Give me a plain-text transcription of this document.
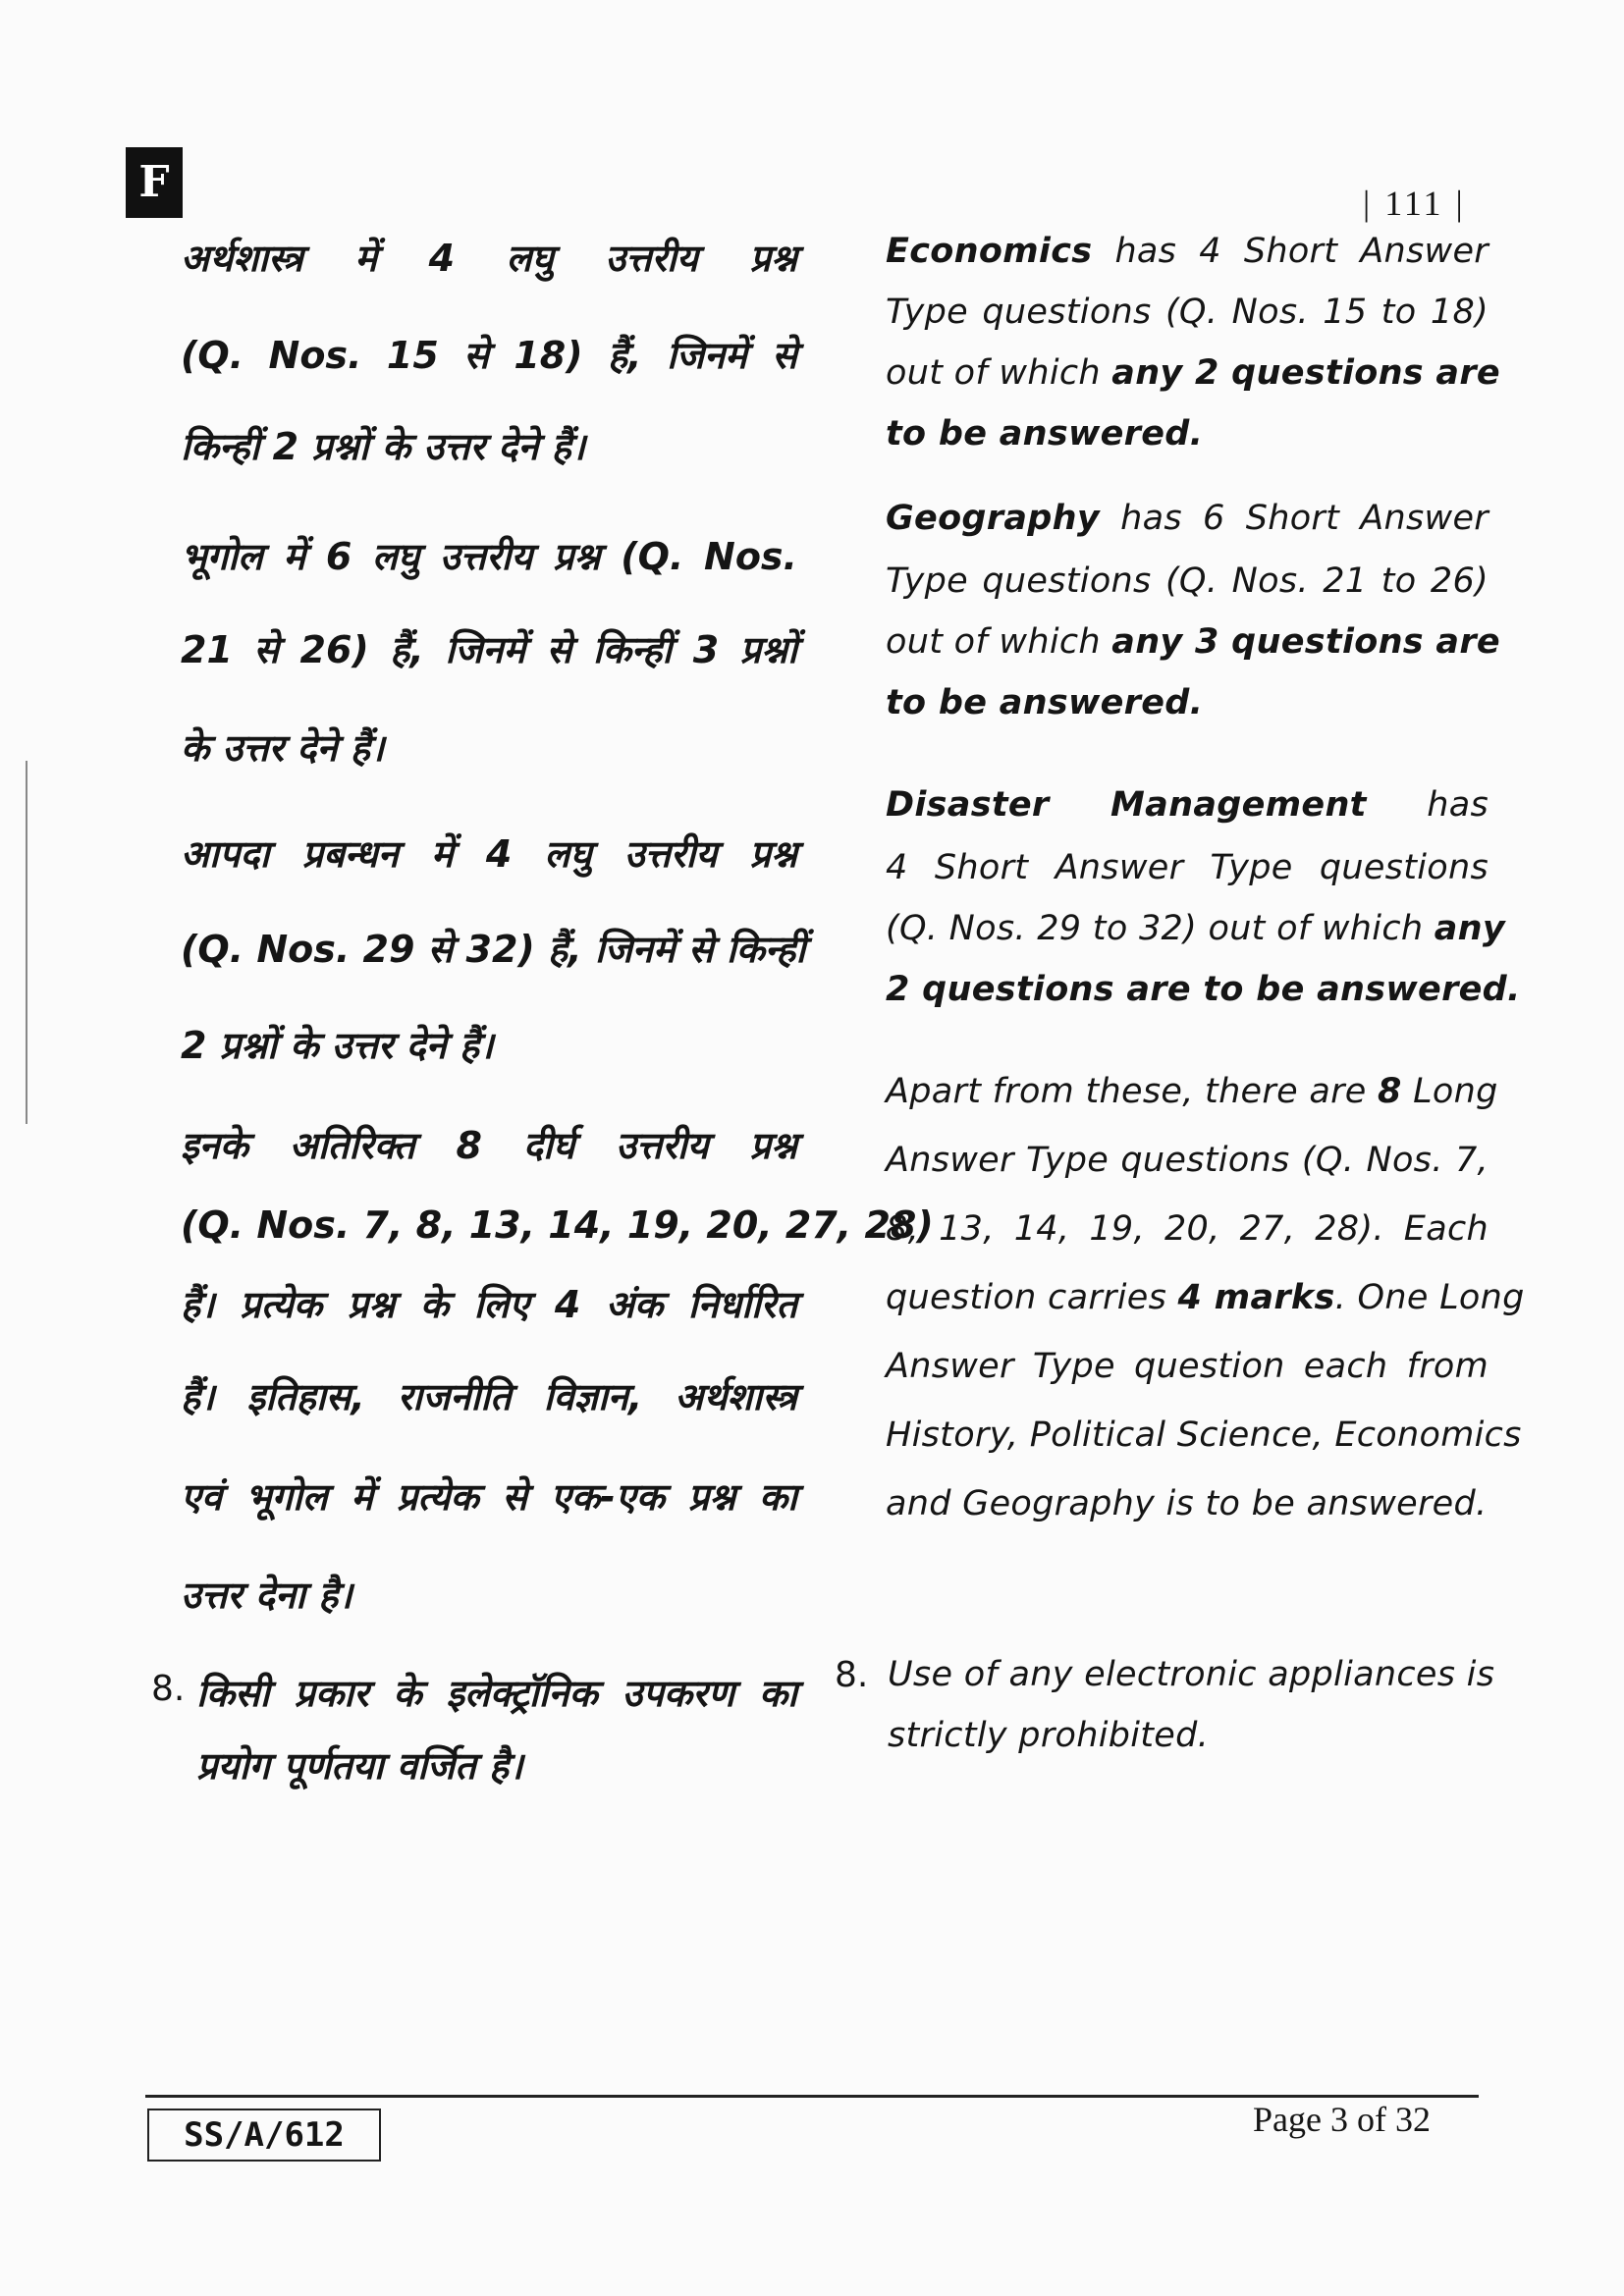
F	| 111 |
अर्थशास्त्र में 4 लघु उत्तरीय प्रश्न
(Q. Nos. 15 से 18) हैं, जिनमें से
किन्हीं 2 प्रश्नों के उत्तर देने हैं।
भूगोल में 6 लघु उत्तरीय प्रश्न (Q. Nos.
21 से 26) हैं, जिनमें से किन्हीं 3 प्रश्नों
के उत्तर देने हैं।
आपदा प्रबन्धन में 4 लघु उत्तरीय प्रश्न
(Q. Nos. 29 से 32) हैं, जिनमें से किन्हीं
2 प्रश्नों के उत्तर देने हैं।
इनके अतिरिक्त 8 दीर्घ उत्तरीय प्रश्न
(Q. Nos. 7, 8, 13, 14, 19, 20, 27, 28)
हैं। प्रत्येक प्रश्न के लिए 4 अंक निर्धारित
हैं। इतिहास, राजनीति विज्ञान, अर्थशास्त्र
एवं भूगोल में प्रत्येक से एक-एक प्रश्न का
उत्तर देना है।
किसी प्रकार के इलेक्ट्रॉनिक उपकरण का
प्रयोग पूर्णतया वर्जित है।
Economics has 4 Short Answer
Type questions (Q. Nos. 15 to 18)
out of which any 2 questions are
to be answered.
Geography has 6 Short Answer
Type questions (Q. Nos. 21 to 26)
out of which any 3 questions are
to be answered.
Disaster Management has
4 Short Answer Type questions
(Q. Nos. 29 to 32) out of which any
2 questions are to be answered.
Apart from these, there are 8 Long
Answer Type questions (Q. Nos. 7,
8, 13, 14, 19, 20, 27, 28). Each
question carries 4 marks. One Long
Answer Type question each from
History, Political Science, Economics
and Geography is to be answered.
Use of any electronic appliances is
strictly prohibited.
8.	8.
SS/A/612	Page 3 of 32
